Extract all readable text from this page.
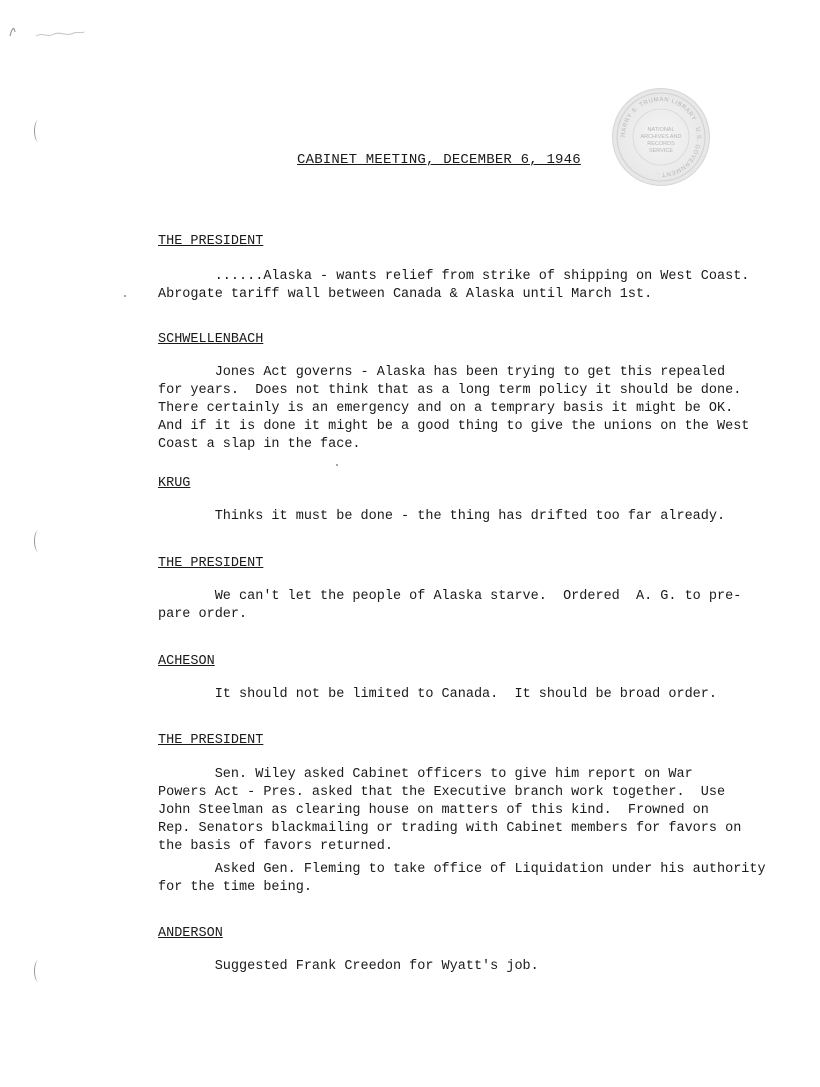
HARRY S. TRUMAN LIBRARY · U.S. GOVERNMENT ·
NATIONAL
ARCHIVES AND
RECORDS
SERVICE
CABINET MEETING, DECEMBER 6, 1946
THE PRESIDENT
......Alaska - wants relief from strike of shipping on West Coast.
Abrogate tariff wall between Canada & Alaska until March 1st.
SCHWELLENBACH
Jones Act governs - Alaska has been trying to get this repealed
for years.  Does not think that as a long term policy it should be done.
There certainly is an emergency and on a temprary basis it might be OK.
And if it is done it might be a good thing to give the unions on the West
Coast a slap in the face.
KRUG
Thinks it must be done - the thing has drifted too far already.
THE PRESIDENT
We can't let the people of Alaska starve.  Ordered  A. G. to pre-
pare order.
ACHESON
It should not be limited to Canada.  It should be broad order.
THE PRESIDENT
Sen. Wiley asked Cabinet officers to give him report on War
Powers Act - Pres. asked that the Executive branch work together.  Use
John Steelman as clearing house on matters of this kind.  Frowned on
Rep. Senators blackmailing or trading with Cabinet members for favors on
the basis of favors returned.
Asked Gen. Fleming to take office of Liquidation under his authority
for the time being.
ANDERSON
Suggested Frank Creedon for Wyatt's job.
